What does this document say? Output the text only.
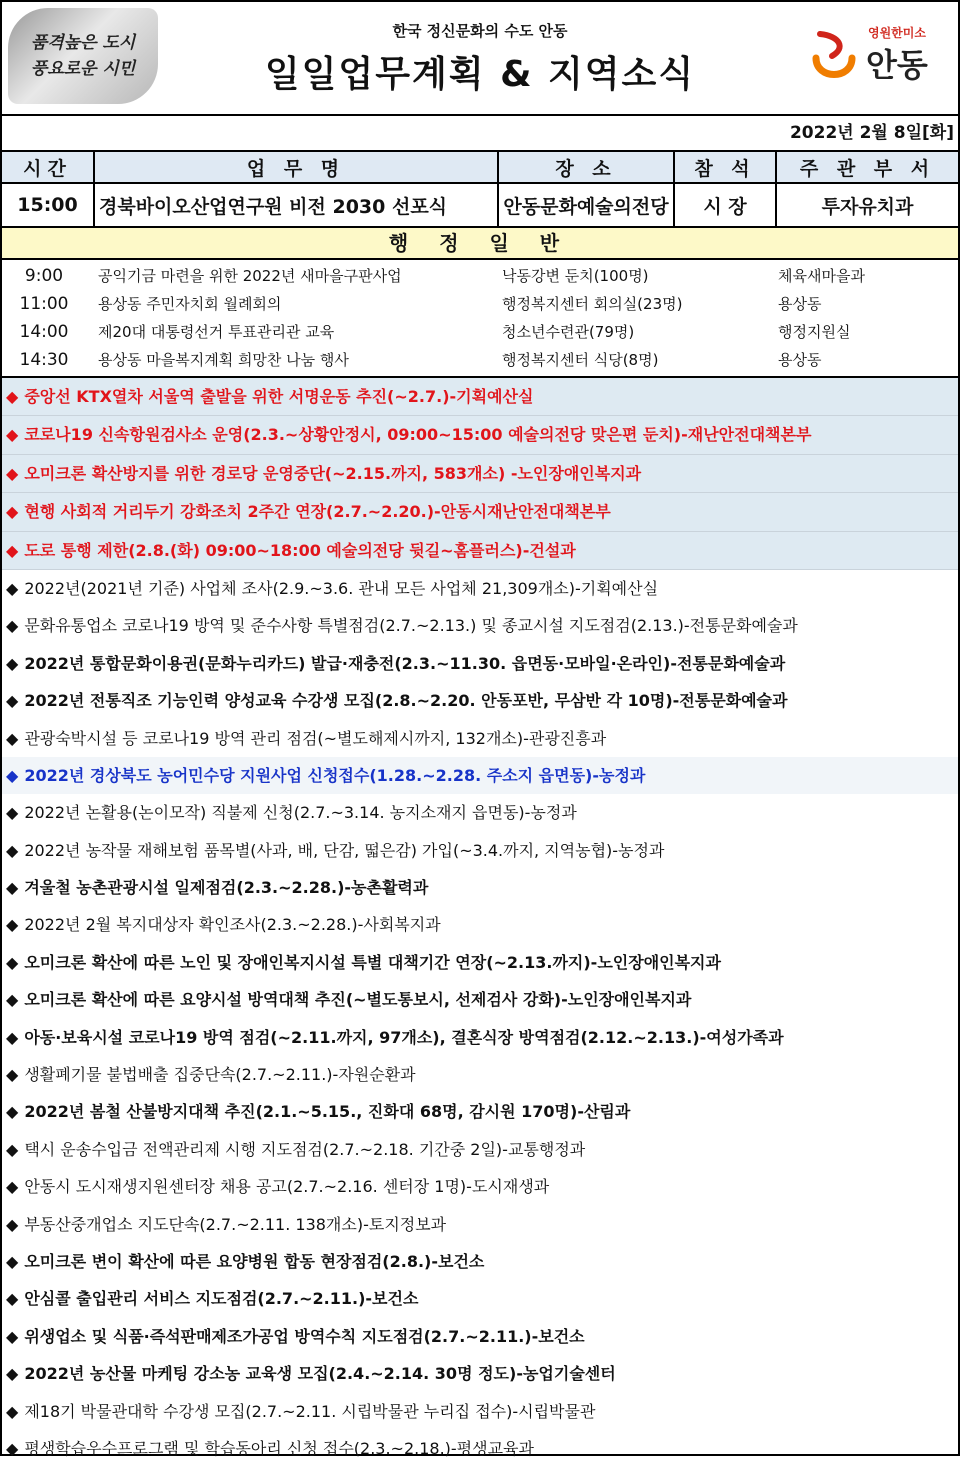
품격높은 도시
풍요로운 시민
한국 정신문화의 수도 안동
일일업무계획 & 지역소식
영원한미소
안동
2022년 2월 8일[화]
시간	업 무 명	장 소	참 석	주 관 부 서
15:00	경북바이오산업연구원 비전 2030 선포식	안동문화예술의전당	시 장	투자유치과
행 정 일 반
9:00	공익기금 마련을 위한 2022년 새마을구판사업	낙동강변 둔치(100명)	체육새마을과
11:00	용상동 주민자치회 월례회의	행정복지센터 회의실(23명)	용상동
14:00	제20대 대통령선거 투표관리관 교육	청소년수련관(79명)	행정지원실
14:30	용상동 마을복지계획 희망찬 나눔 행사	행정복지센터 식당(8명)	용상동
◆ 중앙선 KTX열차 서울역 출발을 위한 서명운동 추진(~2.7.)-기획예산실
◆ 코로나19 신속항원검사소 운영(2.3.~상황안정시, 09:00~15:00 예술의전당 맞은편 둔치)-재난안전대책본부
◆ 오미크론 확산방지를 위한 경로당 운영중단(~2.15.까지, 583개소) -노인장애인복지과
◆ 현행 사회적 거리두기 강화조치 2주간 연장(2.7.~2.20.)-안동시재난안전대책본부
◆ 도로 통행 제한(2.8.(화) 09:00~18:00 예술의전당 뒷길~홈플러스)-건설과
◆ 2022년(2021년 기준) 사업체 조사(2.9.~3.6. 관내 모든 사업체 21,309개소)-기획예산실
◆ 문화유통업소 코로나19 방역 및 준수사항 특별점검(2.7.~2.13.) 및 종교시설 지도점검(2.13.)-전통문화예술과
◆ 2022년 통합문화이용권(문화누리카드) 발급·재충전(2.3.~11.30. 읍면동·모바일·온라인)-전통문화예술과
◆ 2022년 전통직조 기능인력 양성교육 수강생 모집(2.8.~2.20. 안동포반, 무삼반 각 10명)-전통문화예술과
◆ 관광숙박시설 등 코로나19 방역 관리 점검(~별도해제시까지, 132개소)-관광진흥과
◆ 2022년 경상북도 농어민수당 지원사업 신청접수(1.28.~2.28. 주소지 읍면동)-농정과
◆ 2022년 논활용(논이모작) 직불제 신청(2.7.~3.14. 농지소재지 읍면동)-농정과
◆ 2022년 농작물 재해보험 품목별(사과, 배, 단감, 떫은감) 가입(~3.4.까지, 지역농협)-농정과
◆ 겨울철 농촌관광시설 일제점검(2.3.~2.28.)-농촌활력과
◆ 2022년 2월 복지대상자 확인조사(2.3.~2.28.)-사회복지과
◆ 오미크론 확산에 따른 노인 및 장애인복지시설 특별 대책기간 연장(~2.13.까지)-노인장애인복지과
◆ 오미크론 확산에 따른 요양시설 방역대책 추진(~별도통보시, 선제검사 강화)-노인장애인복지과
◆ 아동·보육시설 코로나19 방역 점검(~2.11.까지, 97개소), 결혼식장 방역점검(2.12.~2.13.)-여성가족과
◆ 생활폐기물 불법배출 집중단속(2.7.~2.11.)-자원순환과
◆ 2022년 봄철 산불방지대책 추진(2.1.~5.15., 진화대 68명, 감시원 170명)-산림과
◆ 택시 운송수입금 전액관리제 시행 지도점검(2.7.~2.18. 기간중 2일)-교통행정과
◆ 안동시 도시재생지원센터장 채용 공고(2.7.~2.16. 센터장 1명)-도시재생과
◆ 부동산중개업소 지도단속(2.7.~2.11. 138개소)-토지정보과
◆ 오미크론 변이 확산에 따른 요양병원 합동 현장점검(2.8.)-보건소
◆ 안심콜 출입관리 서비스 지도점검(2.7.~2.11.)-보건소
◆ 위생업소 및 식품·즉석판매제조가공업 방역수칙 지도점검(2.7.~2.11.)-보건소
◆ 2022년 농산물 마케팅 강소농 교육생 모집(2.4.~2.14. 30명 정도)-농업기술센터
◆ 제18기 박물관대학 수강생 모집(2.7.~2.11. 시립박물관 누리집 접수)-시립박물관
◆ 평생학습우수프로그램 및 학습동아리 신청 접수(2.3.~2.18.)-평생교육과
